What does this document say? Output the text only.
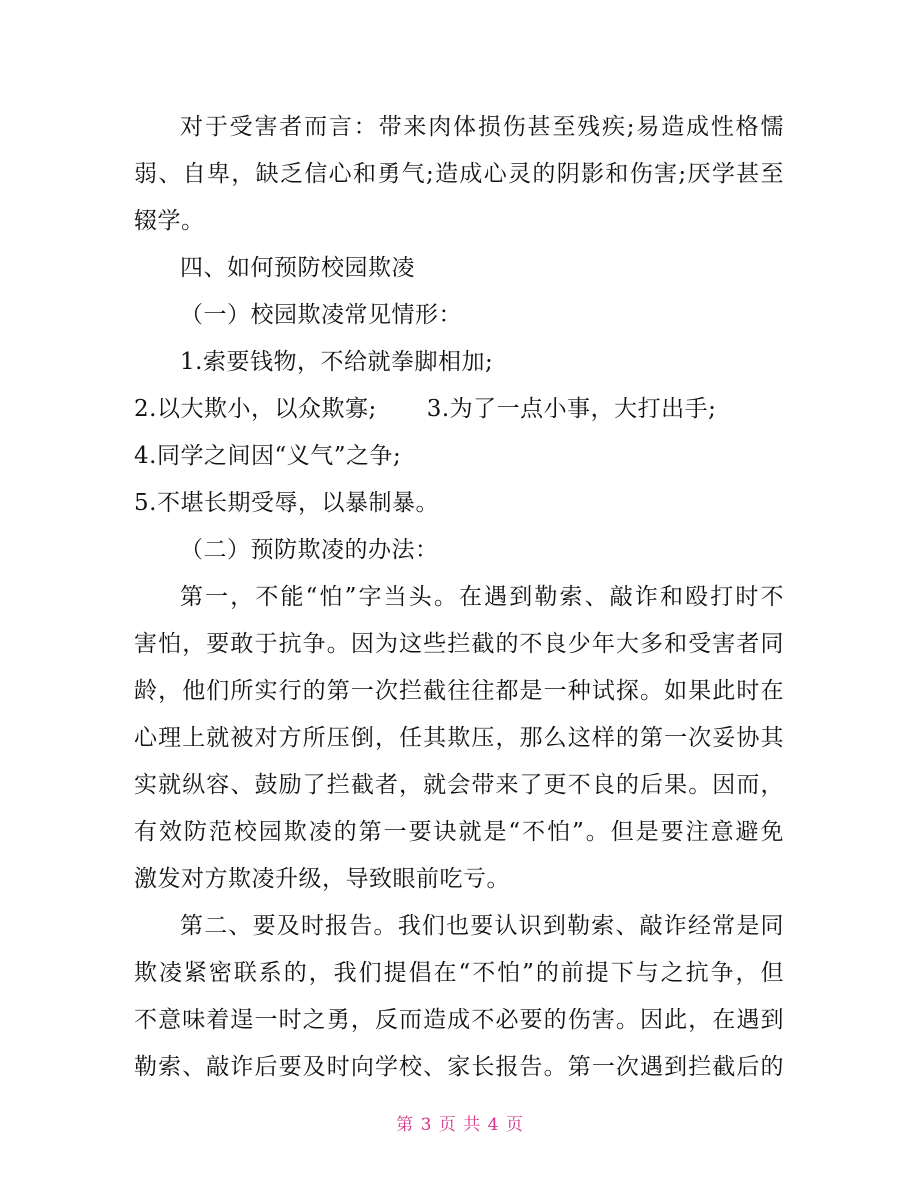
对于受害者而言：带来肉体损伤甚至残疾;易造成性格懦
弱、自卑，缺乏信心和勇气;造成心灵的阴影和伤害;厌学甚至
辍学。
四、如何预防校园欺凌
（一）校园欺凌常见情形：
1.索要钱物，不给就拳脚相加;
2.以大欺小，以众欺寡; 3.为了一点小事，大打出手;
4.同学之间因“义气”之争;
5.不堪长期受辱，以暴制暴。
（二）预防欺凌的办法：
第一，不能“怕”字当头。在遇到勒索、敲诈和殴打时不
害怕，要敢于抗争。因为这些拦截的不良少年大多和受害者同
龄，他们所实行的第一次拦截往往都是一种试探。如果此时在
心理上就被对方所压倒，任其欺压，那么这样的第一次妥协其
实就纵容、鼓励了拦截者，就会带来了更不良的后果。因而，
有效防范校园欺凌的第一要诀就是“不怕”。但是要注意避免
激发对方欺凌升级，导致眼前吃亏。
第二、要及时报告。我们也要认识到勒索、敲诈经常是同
欺凌紧密联系的，我们提倡在“不怕”的前提下与之抗争，但
不意味着逞一时之勇，反而造成不必要的伤害。因此，在遇到
勒索、敲诈后要及时向学校、家长报告。第一次遇到拦截后的
第 3 页 共 4 页
